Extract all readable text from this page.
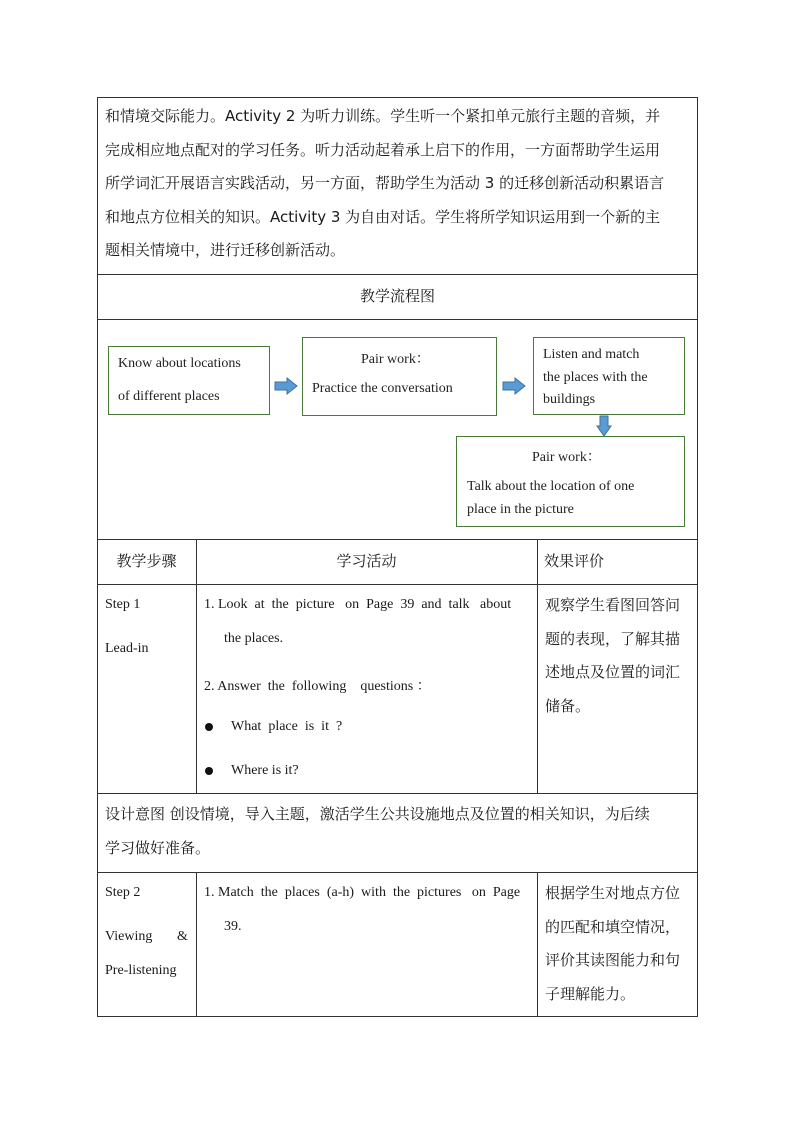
和情境交际能力。Activity 2 为听力训练。学生听一个紧扣单元旅行主题的音频，并
完成相应地点配对的学习任务。听力活动起着承上启下的作用，一方面帮助学生运用
所学词汇开展语言实践活动，另一方面，帮助学生为活动 3 的迁移创新活动积累语言
和地点方位相关的知识。Activity 3 为自由对话。学生将所学知识运用到一个新的主
题相关情境中，进行迁移创新活动。
教学流程图
Know about locations
of different places
Pair work：
Practice the conversation
Listen and match
the places with the
buildings
Pair work：
Talk about the location of one
place in the picture
教学步骤	学习活动	效果评价
Step 1
Lead-in
1. Look  at  the  picture   on  Page  39  and  talk   about
the places.
2. Answer  the  following    questions ：
What  place  is  it  ?
Where is it?
观察学生看图回答问
题的表现，了解其描
述地点及位置的词汇
储备。
设计意图 创设情境，导入主题，激活学生公共设施地点及位置的相关知识，为后续
学习做好准备。
Step 2
Viewing &
Pre-listening
1. Match  the  places  (a-h)  with  the  pictures   on  Page
39.
根据学生对地点方位
的匹配和填空情况，
评价其读图能力和句
子理解能力。
